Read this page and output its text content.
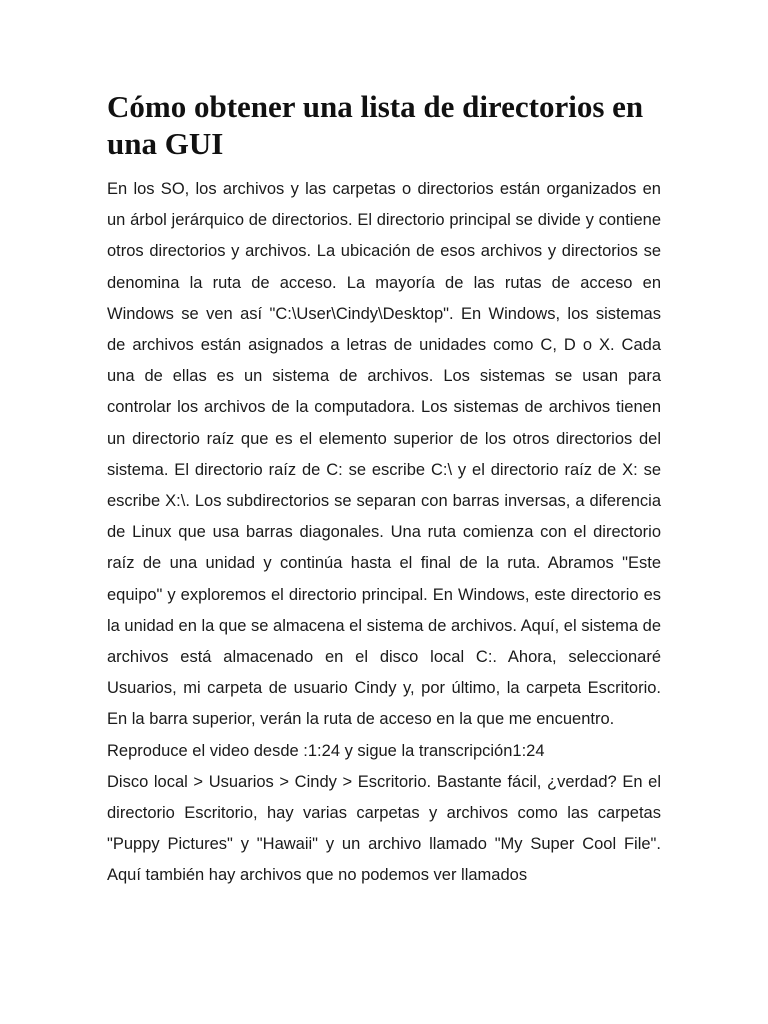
Cómo obtener una lista de directorios en una GUI

En los SO, los archivos y las carpetas o directorios están organizados en un árbol jerárquico de directorios. El directorio principal se divide y contiene otros directorios y archivos. La ubicación de esos archivos y directorios se denomina la ruta de acceso. La mayoría de las rutas de acceso en Windows se ven así "C:\User\Cindy\Desktop". En Windows, los sistemas de archivos están asignados a letras de unidades como C, D o X. Cada una de ellas es un sistema de archivos. Los sistemas se usan para controlar los archivos de la computadora. Los sistemas de archivos tienen un directorio raíz que es el elemento superior de los otros directorios del sistema. El directorio raíz de C: se escribe C:\ y el directorio raíz de X: se escribe X:\. Los subdirectorios se separan con barras inversas, a diferencia de Linux que usa barras diagonales. Una ruta comienza con el directorio raíz de una unidad y continúa hasta el final de la ruta. Abramos "Este equipo" y exploremos el directorio principal. En Windows, este directorio es la unidad en la que se almacena el sistema de archivos. Aquí, el sistema de archivos está almacenado en el disco local C:. Ahora, seleccionaré Usuarios, mi carpeta de usuario Cindy y, por último, la carpeta Escritorio. En la barra superior, verán la ruta de acceso en la que me encuentro.

Reproduce el video desde :1:24 y sigue la transcripción1:24

Disco local > Usuarios > Cindy > Escritorio. Bastante fácil, ¿verdad? En el directorio Escritorio, hay varias carpetas y archivos como las carpetas "Puppy Pictures" y "Hawaii" y un archivo llamado "My Super Cool File". Aquí también hay archivos que no podemos ver llamados
